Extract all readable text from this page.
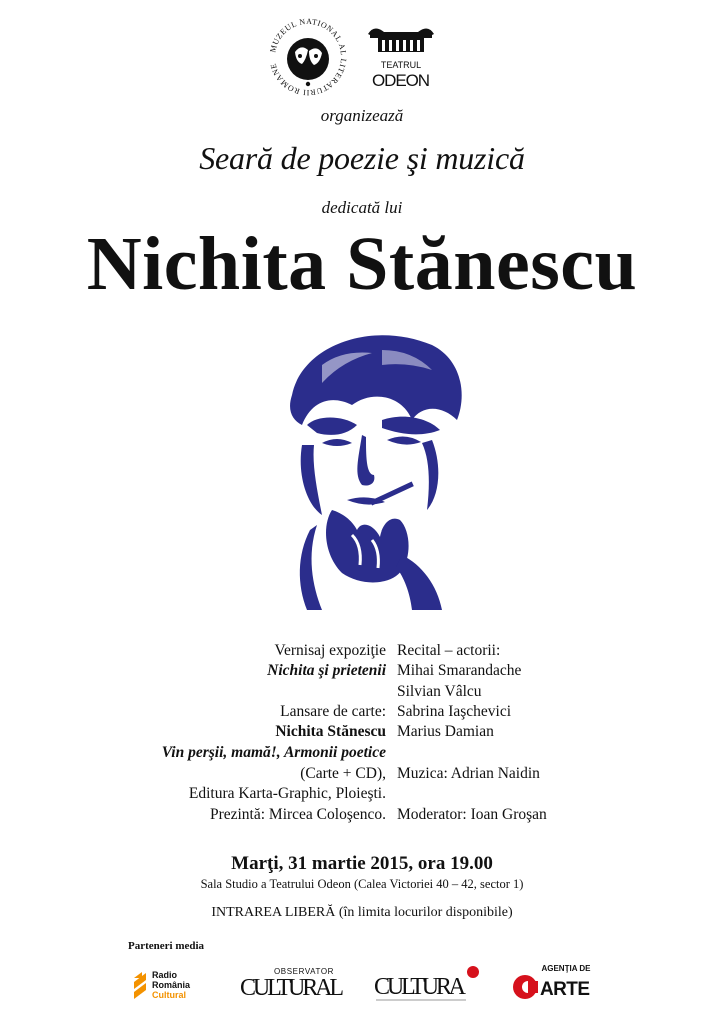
MUZEUL NATIONAL AL LITERATURII ROMANE	TEATRUL
ODEON
organizează
Seară de poezie şi muzică
dedicată lui
Nichita Stănescu
Vernisaj expoziţie
Nichita şi prietenii
Lansare de carte:
Nichita Stănescu
Vin perşii, mamă!, Armonii poetice
(Carte + CD),
Editura Karta-Graphic, Ploieşti.
Prezintă: Mircea Coloşenco.
Recital – actorii:
Mihai Smarandache
Silvian Vâlcu
Sabrina Iaşchevici
Marius Damian
Muzica: Adrian Naidin
Moderator: Ioan Groşan
Marţi, 31 martie 2015, ora 19.00
Sala Studio a Teatrului Odeon (Calea Victoriei 40 – 42, sector 1)
INTRAREA LIBERĂ (în limita locurilor disponibile)
Parteneri media
Radio
România
Cultural
OBSERVATOR
CULTURAL CULTURA
AGENŢIA DE
ARTE
